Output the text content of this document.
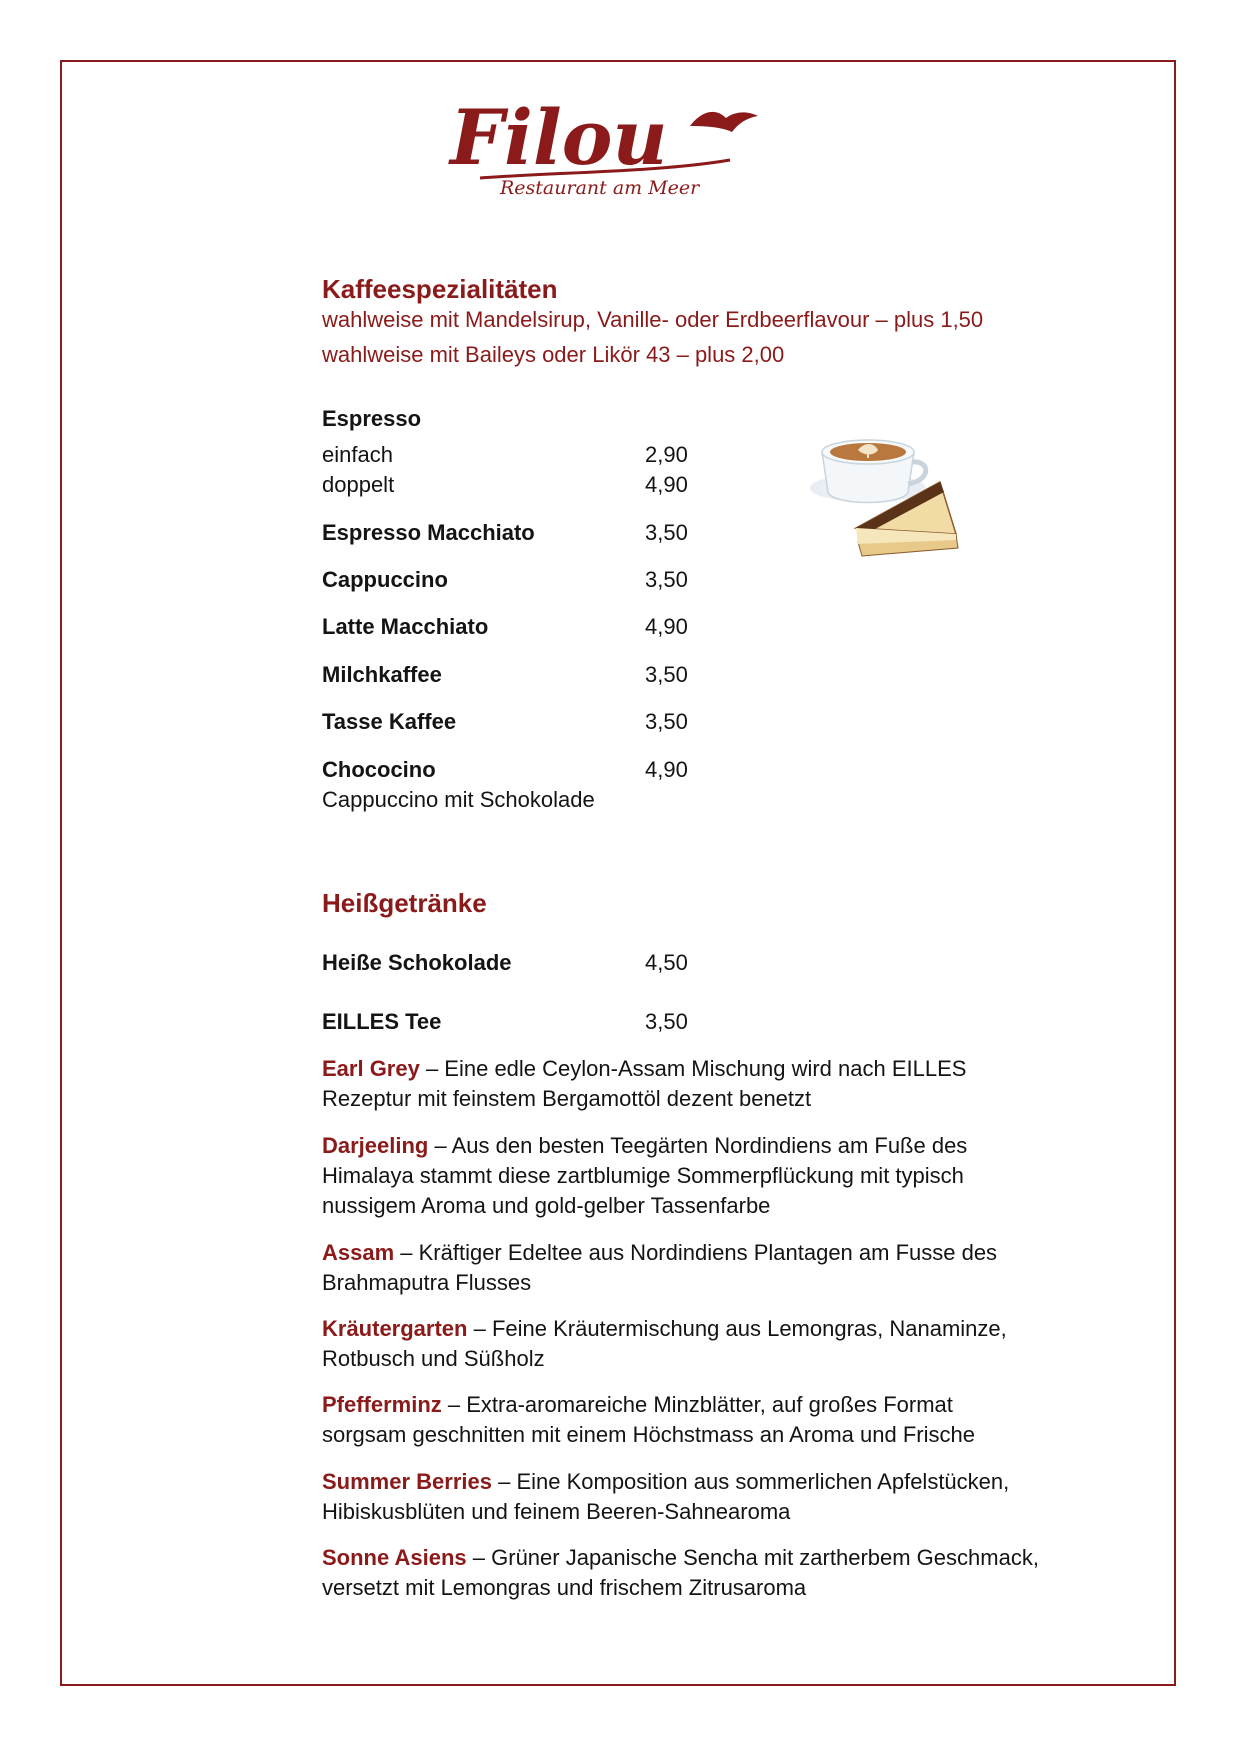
Filou
Restaurant am Meer
Kaffeespezialitäten
wahlweise mit Mandelsirup, Vanille- oder Erdbeerflavour – plus 1,50
wahlweise mit Baileys oder Likör 43 – plus 2,00
Espresso
einfach	2,90
doppelt	4,90
Espresso Macchiato	3,50
Cappuccino	3,50
Latte Macchiato	4,90
Milchkaffee	3,50
Tasse Kaffee	3,50
Chococino	4,90
Cappuccino mit Schokolade
Heißgetränke
Heiße Schokolade	4,50
EILLES Tee	3,50
Earl Grey – Eine edle Ceylon-Assam Mischung wird nach EILLES Rezeptur mit feinstem Bergamottöl dezent benetzt
Darjeeling – Aus den besten Teegärten Nordindiens am Fuße des Himalaya stammt diese zartblumige Sommerpflückung mit typisch nussigem Aroma und gold-gelber Tassenfarbe
Assam – Kräftiger Edeltee aus Nordindiens Plantagen am Fusse des Brahmaputra Flusses
Kräutergarten – Feine Kräutermischung aus Lemongras, Nanaminze, Rotbusch und Süßholz
Pfefferminz – Extra-aromareiche Minzblätter, auf großes Format sorgsam geschnitten mit einem Höchstmass an Aroma und Frische
Summer Berries – Eine Komposition aus sommerlichen Apfelstücken, Hibiskusblüten und feinem Beeren-Sahnearoma
Sonne Asiens – Grüner Japanische Sencha mit zartherbem Geschmack, versetzt mit Lemongras und frischem Zitrusaroma
